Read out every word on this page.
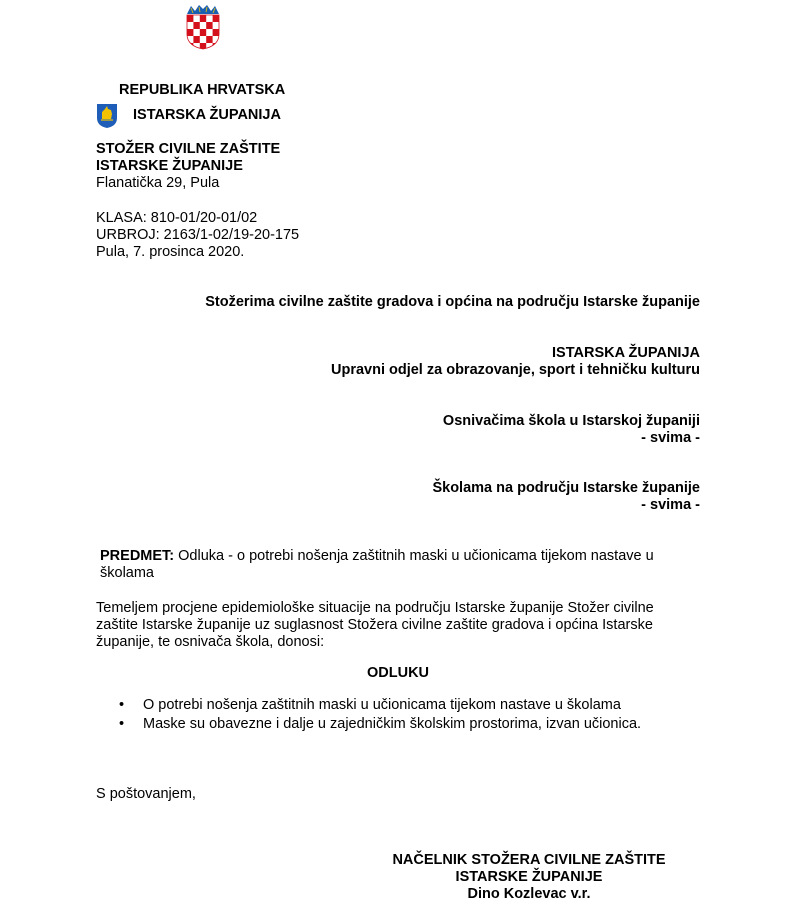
REPUBLIKA HRVATSKA
ISTARSKA ŽUPANIJA
STOŽER CIVILNE ZAŠTITE
ISTARSKE ŽUPANIJE
Flanatička 29, Pula
KLASA: 810-01/20-01/02
URBROJ: 2163/1-02/19-20-175
Pula, 7. prosinca 2020.
Stožerima civilne zaštite gradova i općina na području Istarske županije
ISTARSKA ŽUPANIJA
Upravni odjel za obrazovanje, sport i tehničku kulturu
Osnivačima škola u Istarskoj županiji
- svima -
Školama na području Istarske županije
- svima -
PREDMET: Odluka - o potrebi nošenja zaštitnih maski u učionicama tijekom nastave u
školama
Temeljem procjene epidemiološke situacije na području Istarske županije Stožer civilne
zaštite Istarske županije uz suglasnost Stožera civilne zaštite gradova i općina Istarske
županije, te osnivača škola, donosi:
ODLUKU
• O potrebi nošenja zaštitnih maski u učionicama tijekom nastave u školama
• Maske su obavezne i dalje u zajedničkim školskim prostorima, izvan učionica.
S poštovanjem,
NAČELNIK STOŽERA CIVILNE ZAŠTITE
ISTARSKE ŽUPANIJE
Dino Kozlevac v.r.
